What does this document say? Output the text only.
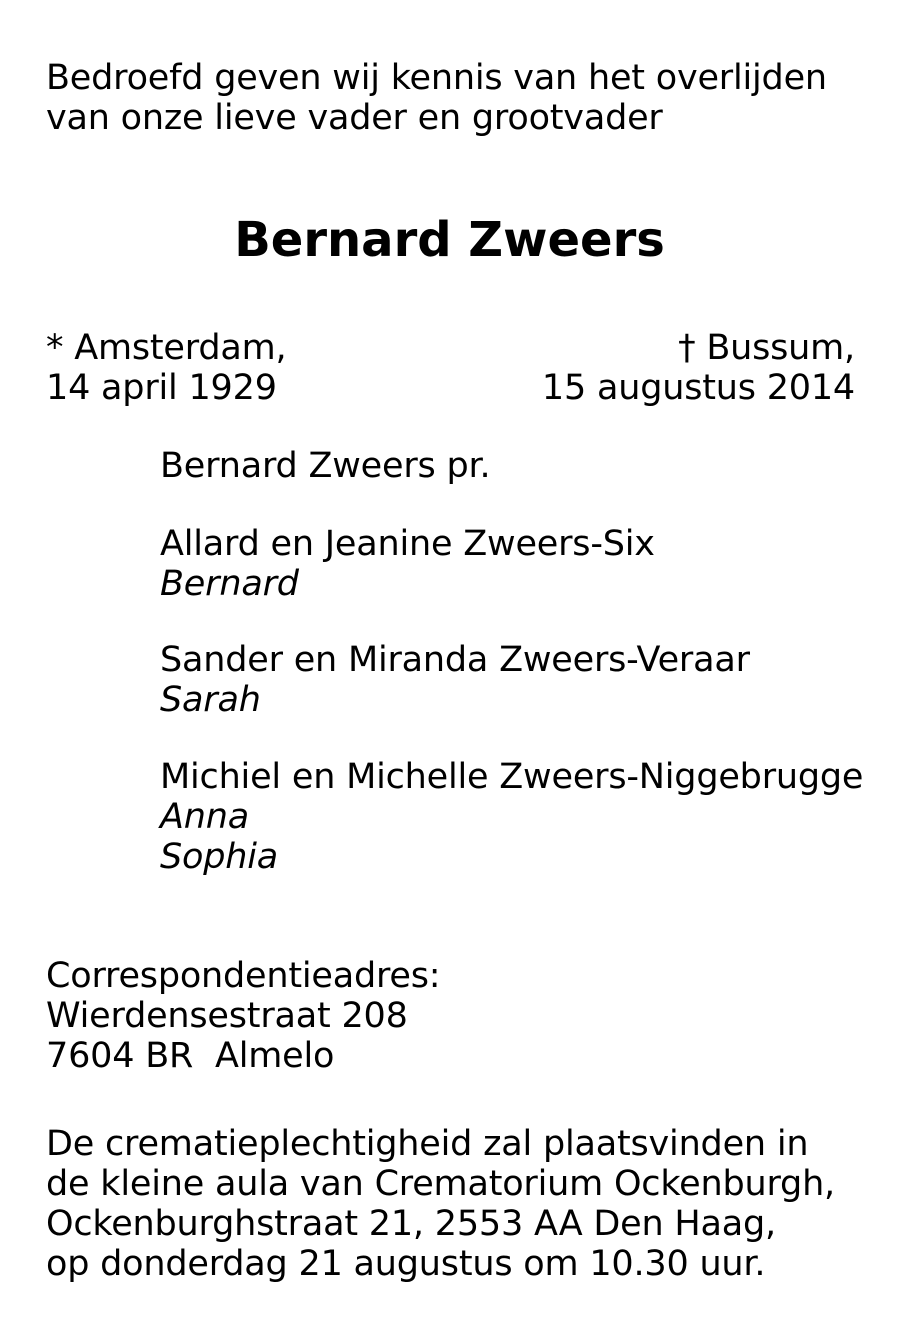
Bedroefd geven wij kennis van het overlijden
van onze lieve vader en grootvader
Bernard Zweers
* Amsterdam,
14 april 1929
† Bussum,
15 augustus 2014
Bernard Zweers pr.
Allard en Jeanine Zweers-Six
Bernard
Sander en Miranda Zweers-Veraar
Sarah
Michiel en Michelle Zweers-Niggebrugge
Anna
Sophia
Correspondentieadres:
Wierdensestraat 208
7604 BR  Almelo
De crematieplechtigheid zal plaatsvinden in
de kleine aula van Crematorium Ockenburgh,
Ockenburghstraat 21, 2553 AA Den Haag,
op donderdag 21 augustus om 10.30 uur.
